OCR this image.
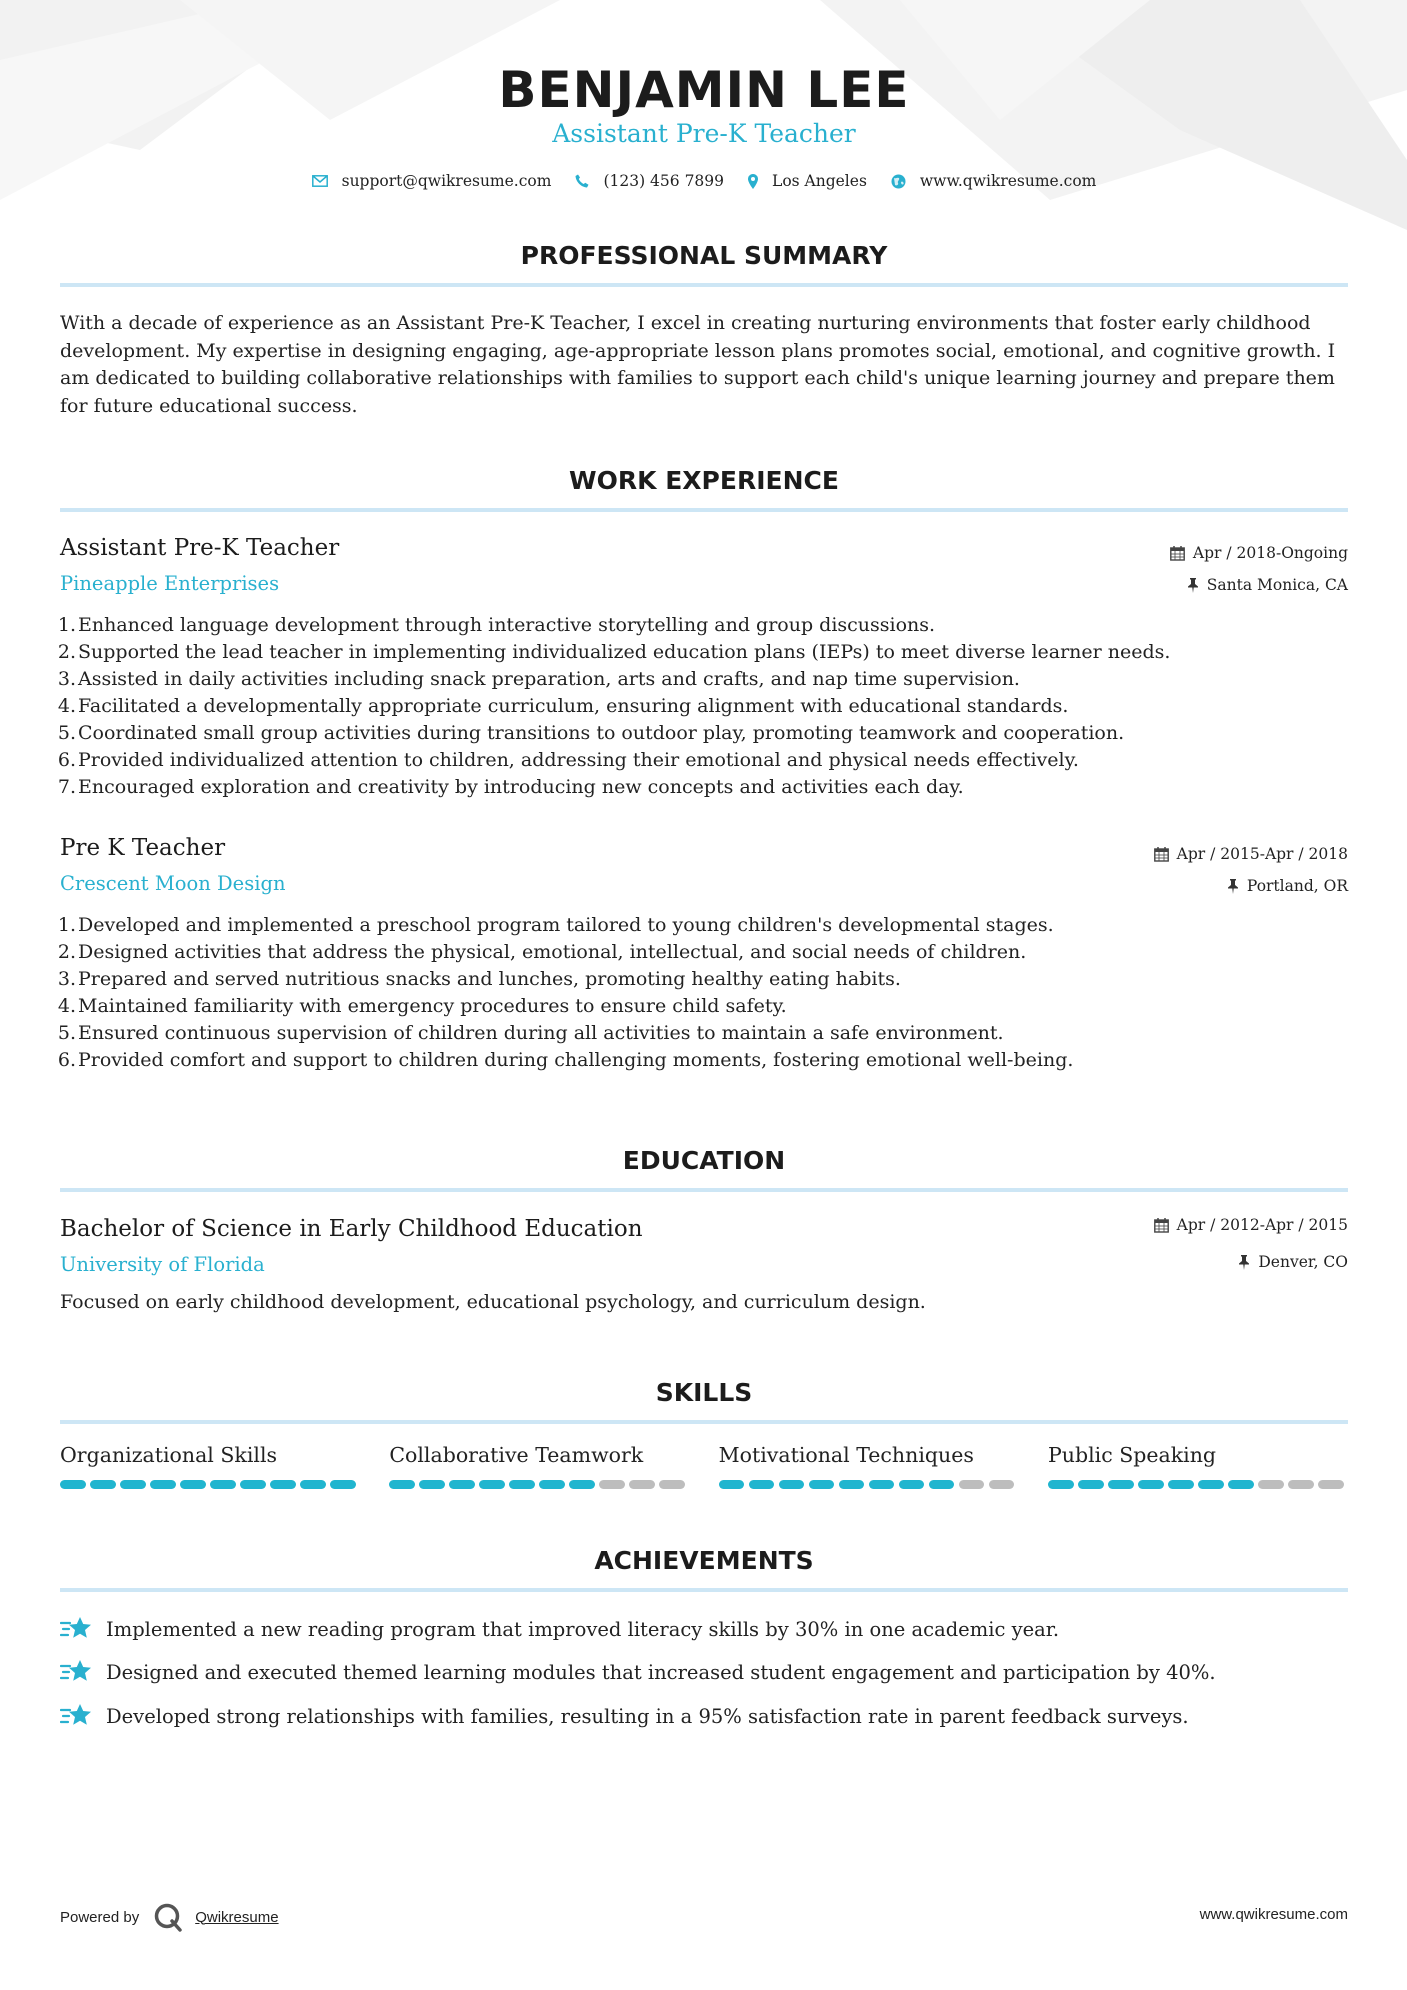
BENJAMIN LEE
Assistant Pre-K Teacher
support@qwikresume.com	(123) 456 7899	Los Angeles	www.qwikresume.com
PROFESSIONAL SUMMARY
With a decade of experience as an Assistant Pre-K Teacher, I excel in creating nurturing environments that foster early childhood development. My expertise in designing engaging, age-appropriate lesson plans promotes social, emotional, and cognitive growth. I am dedicated to building collaborative relationships with families to support each child's unique learning journey and prepare them for future educational success.
WORK EXPERIENCE
Assistant Pre-K Teacher
Pineapple Enterprises
Apr / 2018-Ongoing
Santa Monica, CA
Enhanced language development through interactive storytelling and group discussions.
Supported the lead teacher in implementing individualized education plans (IEPs) to meet diverse learner needs.
Assisted in daily activities including snack preparation, arts and crafts, and nap time supervision.
Facilitated a developmentally appropriate curriculum, ensuring alignment with educational standards.
Coordinated small group activities during transitions to outdoor play, promoting teamwork and cooperation.
Provided individualized attention to children, addressing their emotional and physical needs effectively.
Encouraged exploration and creativity by introducing new concepts and activities each day.
Pre K Teacher
Crescent Moon Design
Apr / 2015-Apr / 2018
Portland, OR
Developed and implemented a preschool program tailored to young children's developmental stages.
Designed activities that address the physical, emotional, intellectual, and social needs of children.
Prepared and served nutritious snacks and lunches, promoting healthy eating habits.
Maintained familiarity with emergency procedures to ensure child safety.
Ensured continuous supervision of children during all activities to maintain a safe environment.
Provided comfort and support to children during challenging moments, fostering emotional well-being.
EDUCATION
Bachelor of Science in Early Childhood Education
University of Florida
Apr / 2012-Apr / 2015
Denver, CO
Focused on early childhood development, educational psychology, and curriculum design.
SKILLS
Organizational Skills	Collaborative Teamwork	Motivational Techniques	Public Speaking
ACHIEVEMENTS
Implemented a new reading program that improved literacy skills by 30% in one academic year.
Designed and executed themed learning modules that increased student engagement and participation by 40%.
Developed strong relationships with families, resulting in a 95% satisfaction rate in parent feedback surveys.
Powered by	Qwikresume	www.qwikresume.com
